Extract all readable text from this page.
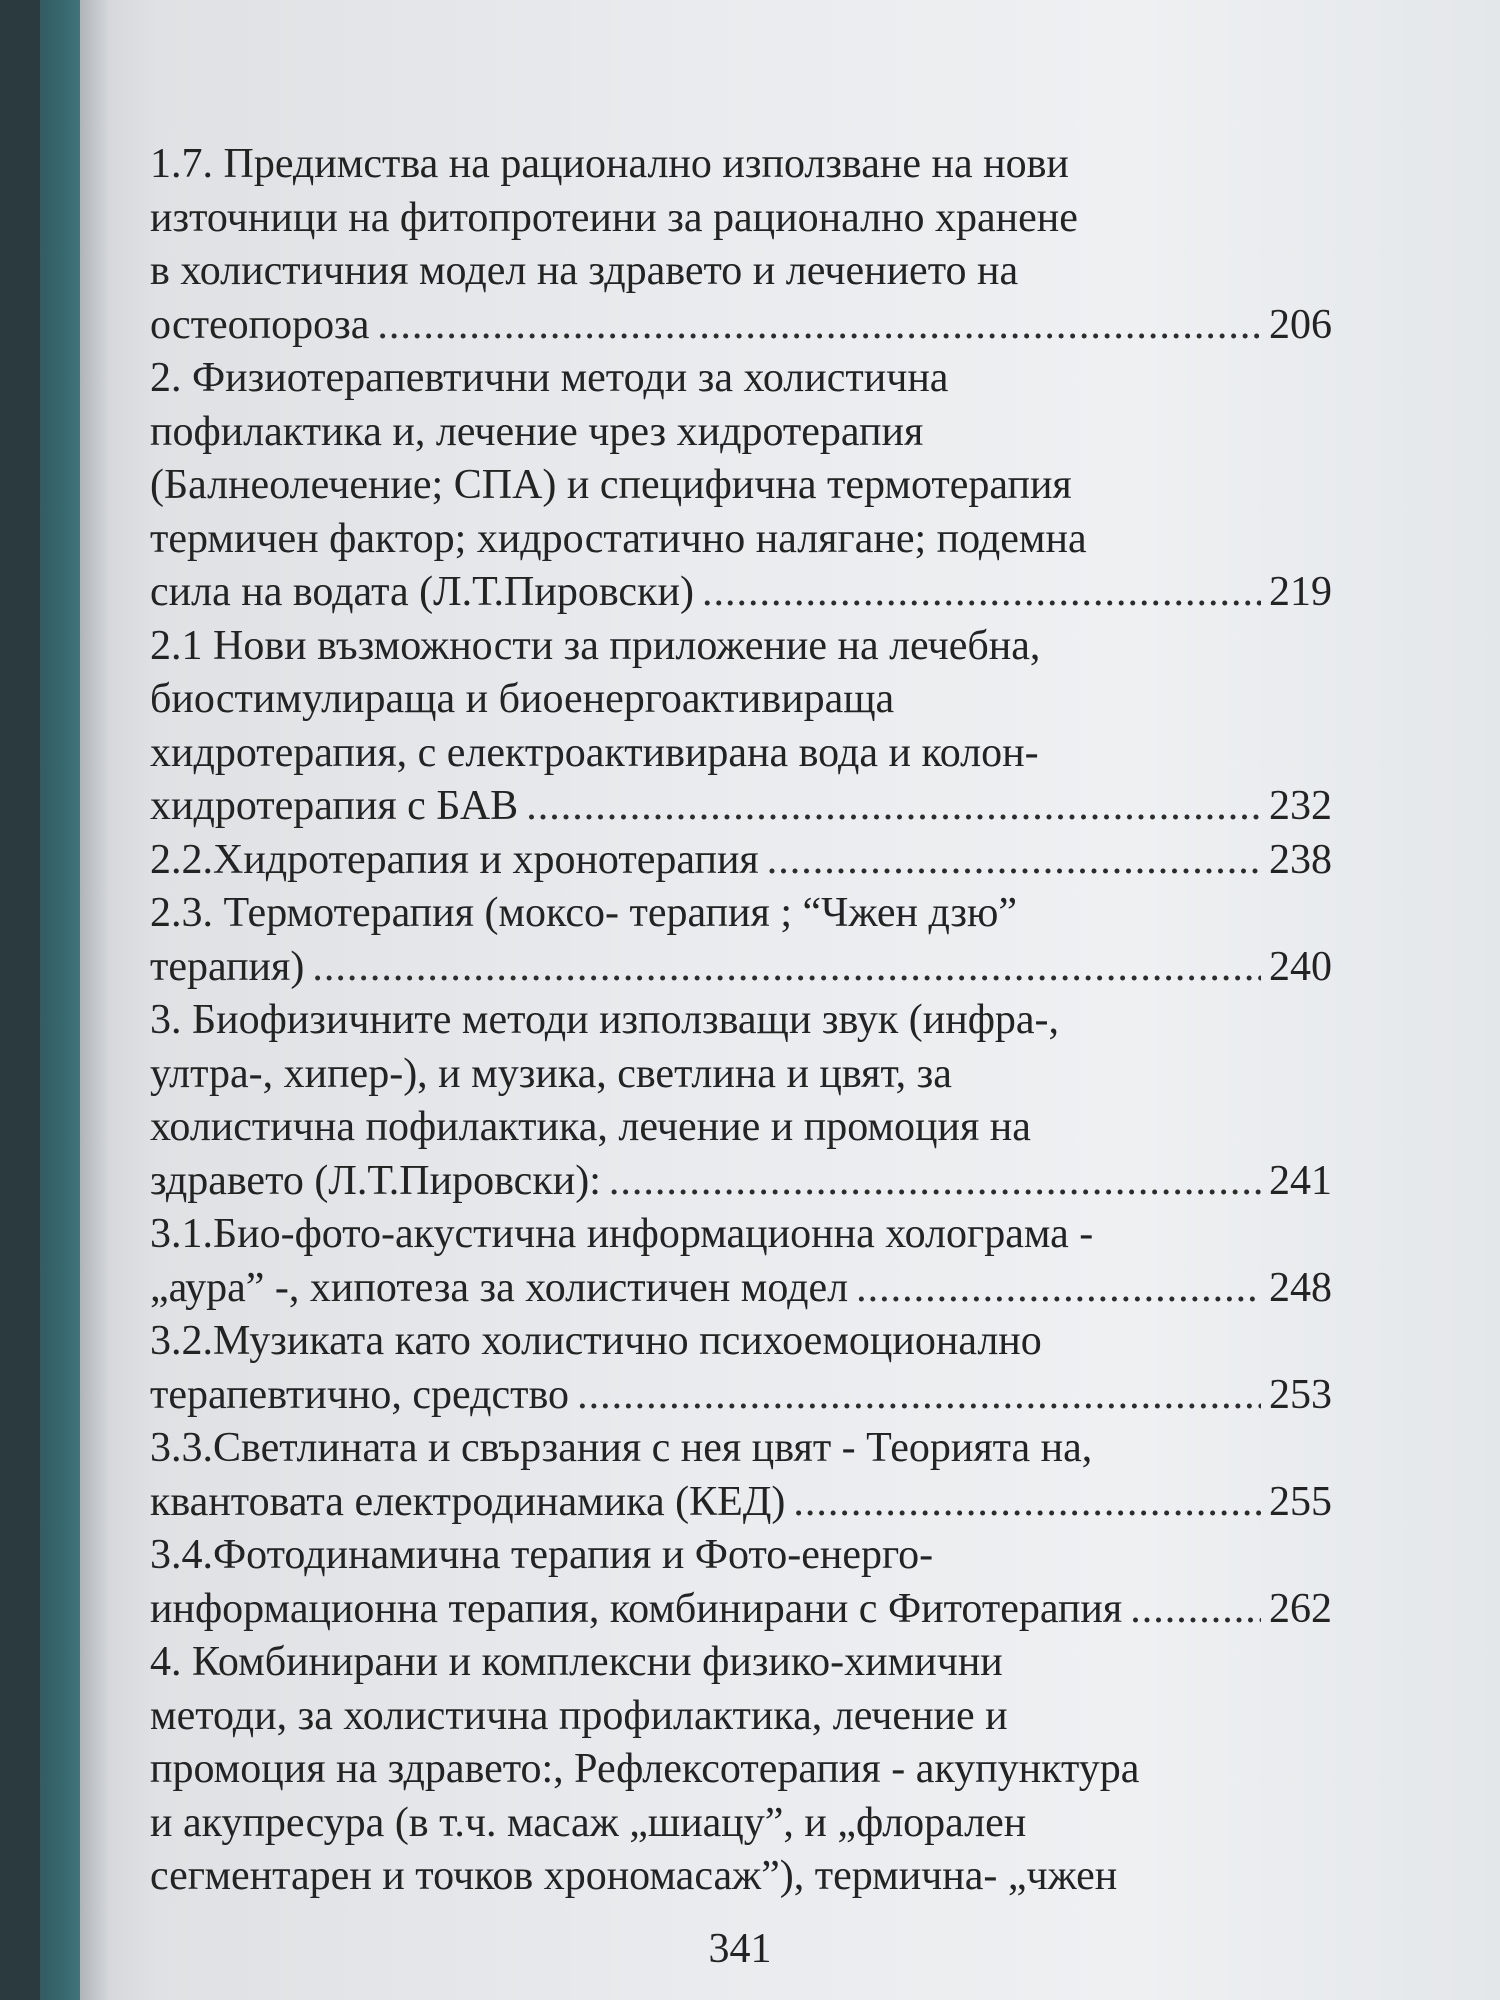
1.7. Предимства на рационално използване на нови
източници на фитопротеини за рационално хранене
в холистичния модел на здравето и лечението на
остеопороза .....	206
2. Физиотерапевтични методи за холистична
пофилактика и, лечение чрез хидротерапия
(Балнеолечение; СПА) и специфична термотерапия
термичен фактор; хидростатично налягане; подемна
сила на водата (Л.Т.Пировски) .....	219
2.1 Нови възможности за приложение на лечебна,
биостимулираща и биоенергоактивираща
хидротерапия, с електроактивирана вода и колон-
хидротерапия с БАВ .....	232
2.2.Хидротерапия и хронотерапия .....	238
2.3. Термотерапия (моксо- терапия ; “Чжен дзю”
терапия) .....	240
3. Биофизичните методи използващи звук (инфра-,
ултра-, хипер-), и музика, светлина и цвят, за
холистична пофилактика, лечение и промоция на
здравето (Л.Т.Пировски): .....	241
3.1.Био-фото-акустична информационна холограма -
„аура” -, хипотеза за холистичен модел .....	248
3.2.Музиката като холистично психоемоционално
терапевтично, средство .....	253
3.3.Светлината и свързания с нея цвят - Теорията на,
квантовата електродинамика (КЕД) .....	255
3.4.Фотодинамична терапия и Фото-енерго-
информационна терапия, комбинирани с Фитотерапия .....	262
4. Комбинирани и комплексни физико-химични
методи, за холистична профилактика, лечение и
промоция на здравето:, Рефлексотерапия - акупунктура
и акупресура (в т.ч. масаж „шиацу”, и „флорален
сегментарен и точков хрономасаж”), термична- „чжен
341
